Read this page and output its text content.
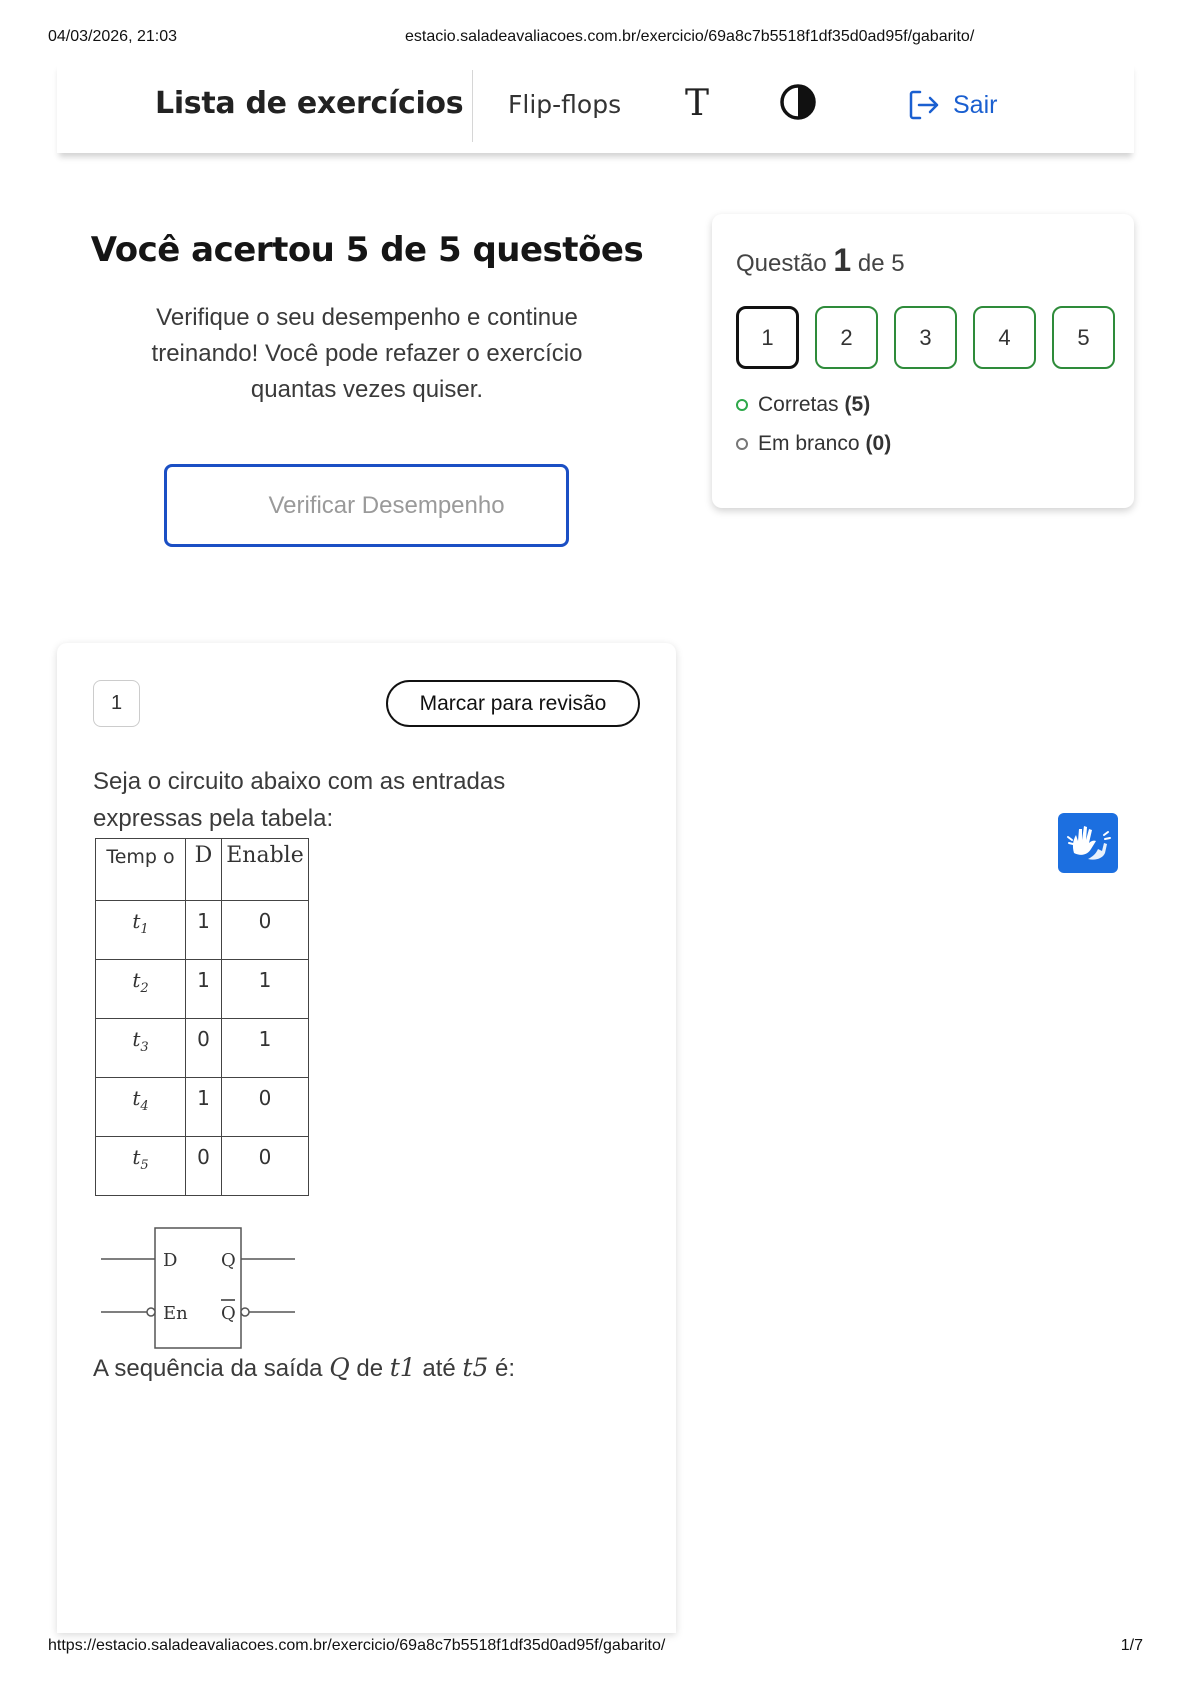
04/03/2026, 21:03	estacio.saladeavaliacoes.com.br/exercicio/69a8c7b5518f1df35d0ad95f/gabarito/
Lista de exercícios Flip-flops T	Sair
Você acertou 5 de 5 questões

Verifique o seu desempenho e continue treinando! Você pode refazer o exercício quantas vezes quiser.

Verificar Desempenho
Questão 1 de 5
1	2	3	4	5
Corretas (5)
Em branco (0)
1	Marcar para revisão
Seja o circuito abaixo com as entradas expressas pela tabela:
Temp o	D	Enable
$t_1$	1	0
$t_2$	1	1
$t_3$	0	1
$t_4$	1	0
$t_5$	0	0
D
En
Q
Q
A sequência da saída Q de t1 até t5 é:
https://estacio.saladeavaliacoes.com.br/exercicio/69a8c7b5518f1df35d0ad95f/gabarito/	1/7
